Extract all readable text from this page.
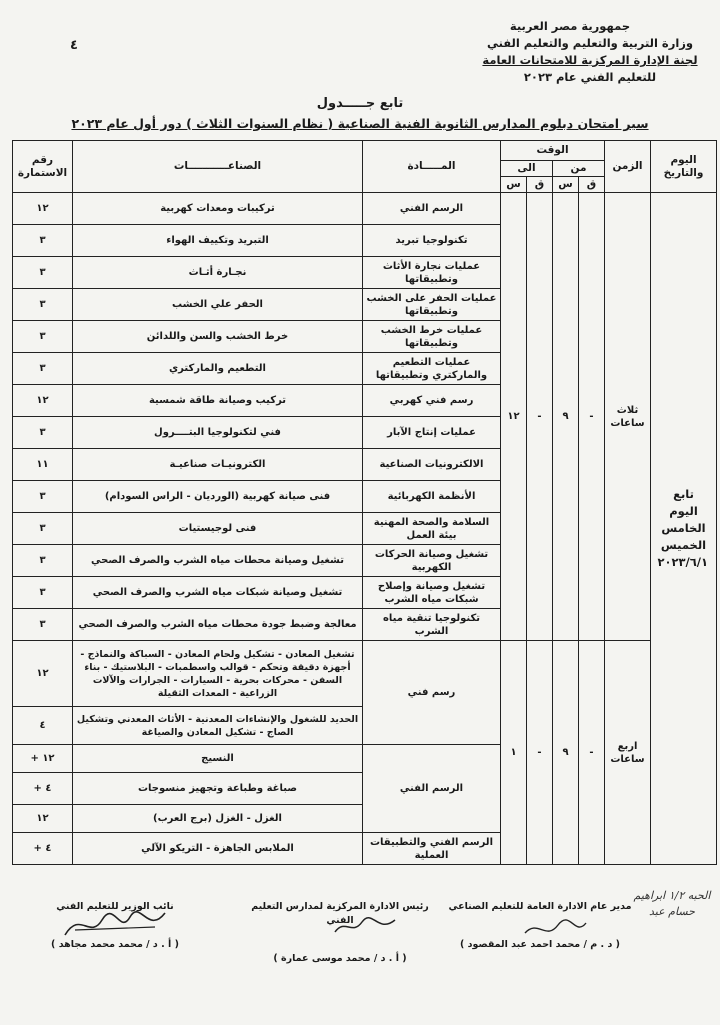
جمهورية مصر العربية
وزارة التربية والتعليم والتعليم الفني
لجنة الإدارة المركزية للامتحانات العامة
للتعليم الفني عام ٢٠٢٣
٤
تابع جـــــدول
سير امتحان دبلوم المدارس الثانوية الفنية الصناعية ( نظام السنوات الثلاث ) دور أول عام ٢٠٢٣
اليوم والتاريخ	الزمن	الوقت				المـــــادة	الصناعـــــــــــات	رقم الاستمارة
		من		الى				
		ق	س	ق	س			
تابع اليوم الخامس الخميس ٢٠٢٣/٦/١	ثلاث ساعات	-	٩	-	١٢	الرسم الفني	تركيبات ومعدات كهربية	١٢
						تكنولوجيا تبريد	التبريد وتكييف الهواء	٣
						عمليات نجارة الأثاث وتطبيقاتها	نجـارة أثـاث	٣
						عمليات الحفر على الخشب وتطبيقاتها	الحفر علي الخشب	٣
						عمليات خرط الخشب وتطبيقاتها	خرط الخشب والسن واللدائن	٣
						عمليات التطعيم والماركتري وتطبيقاتها	التطعيم والماركتري	٣
						رسم فني كهربي	تركيب وصيانة طاقة شمسية	١٢
						عمليات إنتاج الآبار	فني لتكنولوجيا البتــــرول	٣
						الالكترونيات الصناعية	الكترونيـات صناعيـة	١١
						الأنظمة الكهربائية	فنى صيانة كهربية (الورديان - الراس السودام)	٣
						السلامة والصحة المهنية بيئة العمل	فنى لوجيستيات	٣
						تشغيل وصيانة الحركات الكهربية	تشغيل وصيانة محطات مياه الشرب والصرف الصحي	٣
						تشغيل وصيانة وإصلاح شبكات مياه الشرب	تشغيل وصيانة شبكات مياه الشرب والصرف الصحي	٣
						تكنولوجيا تنقية مياه الشرب	معالجة وضبط جودة محطات مياه الشرب والصرف الصحي	٣
	اربع ساعات	-	٩	-	١	رسم فني	تشغيل المعادن - تشكيل ولحام المعادن - السباكة والنماذج - أجهزة دقيقة وتحكم - قوالب واسطمبات - البلاستيك - بناء السفن - محركات بحرية - السيارات - الجرارات والآلات الزراعية - المعدات الثقيلة	١٢
							الحديد للشغول والإنشاءات المعدنية - الأثاث المعدني وتشكيل الصاج - تشكيل المعادن والصياغة	٤
						الرسم الفني	النسيج	١٢ +
							صباغة وطباعة وتجهيز منسوجات	٤ +
							الغزل - الغزل (برج العرب)	١٢
						الرسم الفني والتطبيقات العملية	الملابس الجاهزة - التريكو الآلي	٤ +
الحبه ١/٢ ابراهيم حسام عبد
مدير عام الادارة العامة للتعليم الصناعي
( د . م / محمد احمد عبد المقصود )
رئيس الادارة المركزية لمدارس التعليم الفني
( أ . د / محمد موسى عمارة )
نائب الوزير للتعليم الفني
( أ . د / محمد محمد مجاهد )
